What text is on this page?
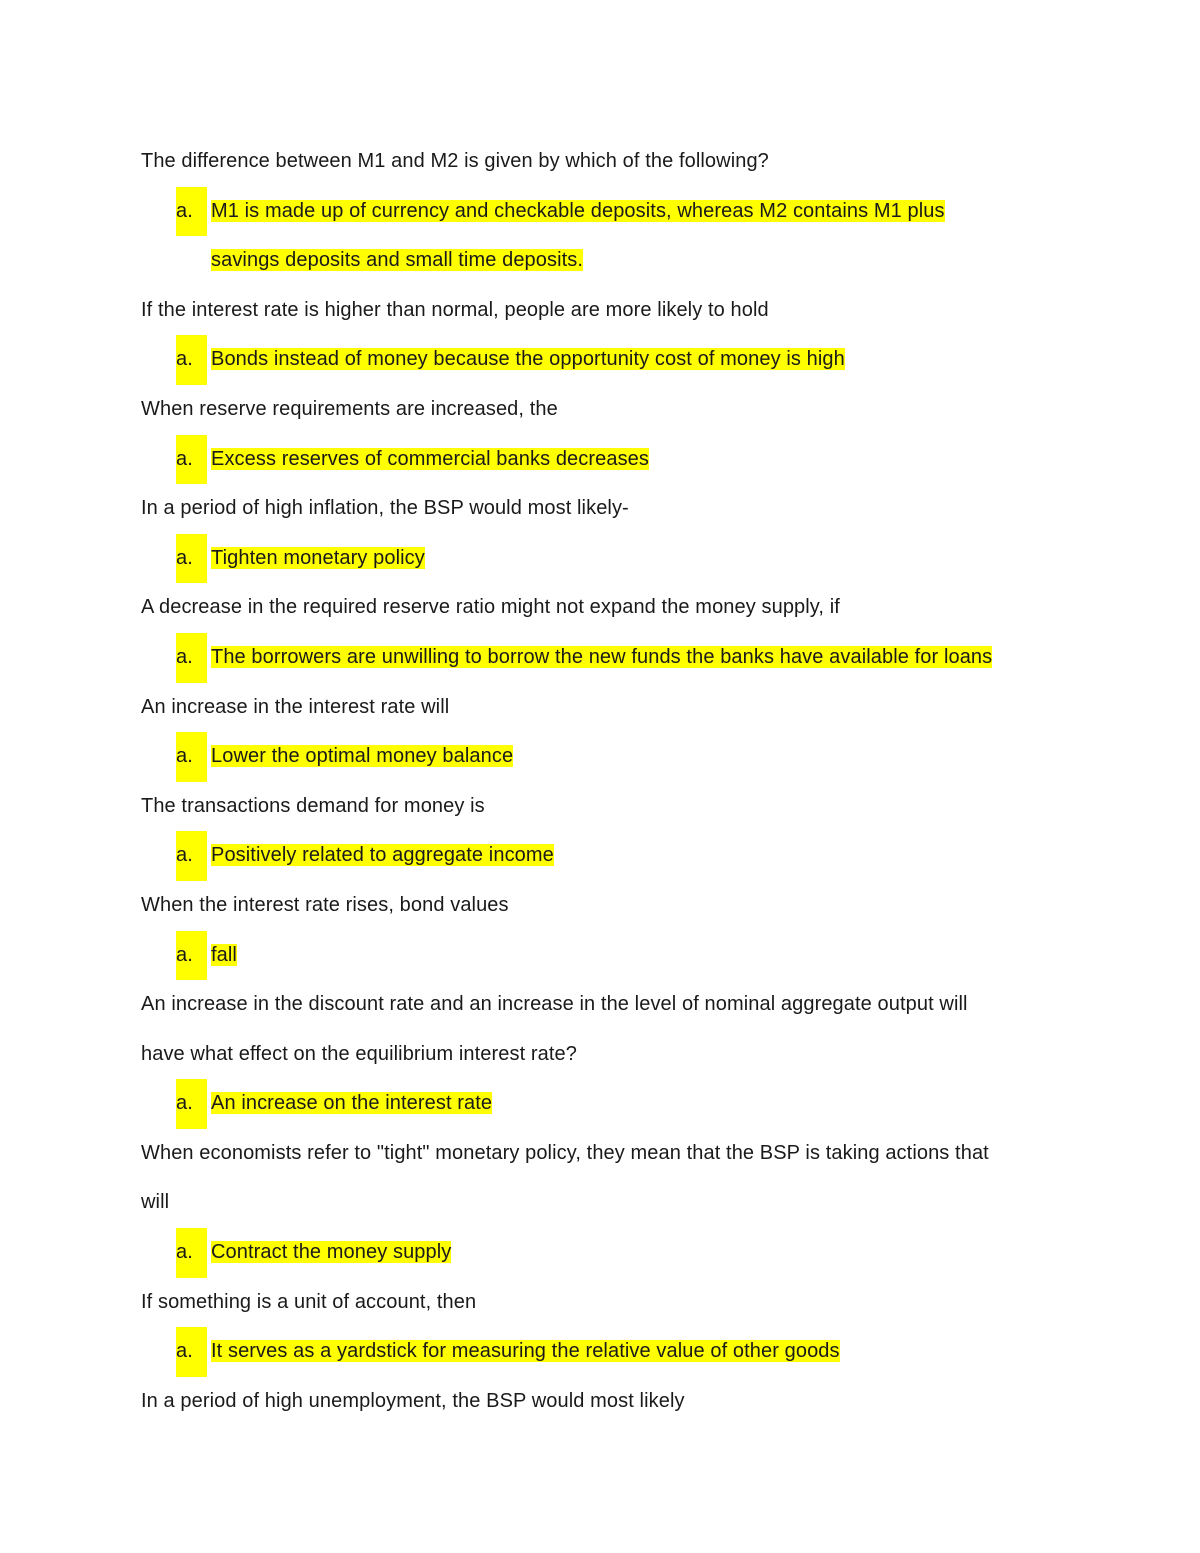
The difference between M1 and M2 is given by which of the following?
a. M1 is made up of currency and checkable deposits, whereas M2 contains M1 plus
savings deposits and small time deposits.
If the interest rate is higher than normal, people are more likely to hold
a. Bonds instead of money because the opportunity cost of money is high
When reserve requirements are increased, the
a. Excess reserves of commercial banks decreases
In a period of high inflation, the BSP would most likely-
a. Tighten monetary policy
A decrease in the required reserve ratio might not expand the money supply, if
a. The borrowers are unwilling to borrow the new funds the banks have available for loans
An increase in the interest rate will
a. Lower the optimal money balance
The transactions demand for money is
a. Positively related to aggregate income
When the interest rate rises, bond values
a. fall
An increase in the discount rate and an increase in the level of nominal aggregate output will
have what effect on the equilibrium interest rate?
a. An increase on the interest rate
When economists refer to "tight" monetary policy, they mean that the BSP is taking actions that
will
a. Contract the money supply
If something is a unit of account, then
a. It serves as a yardstick for measuring the relative value of other goods
In a period of high unemployment, the BSP would most likely
